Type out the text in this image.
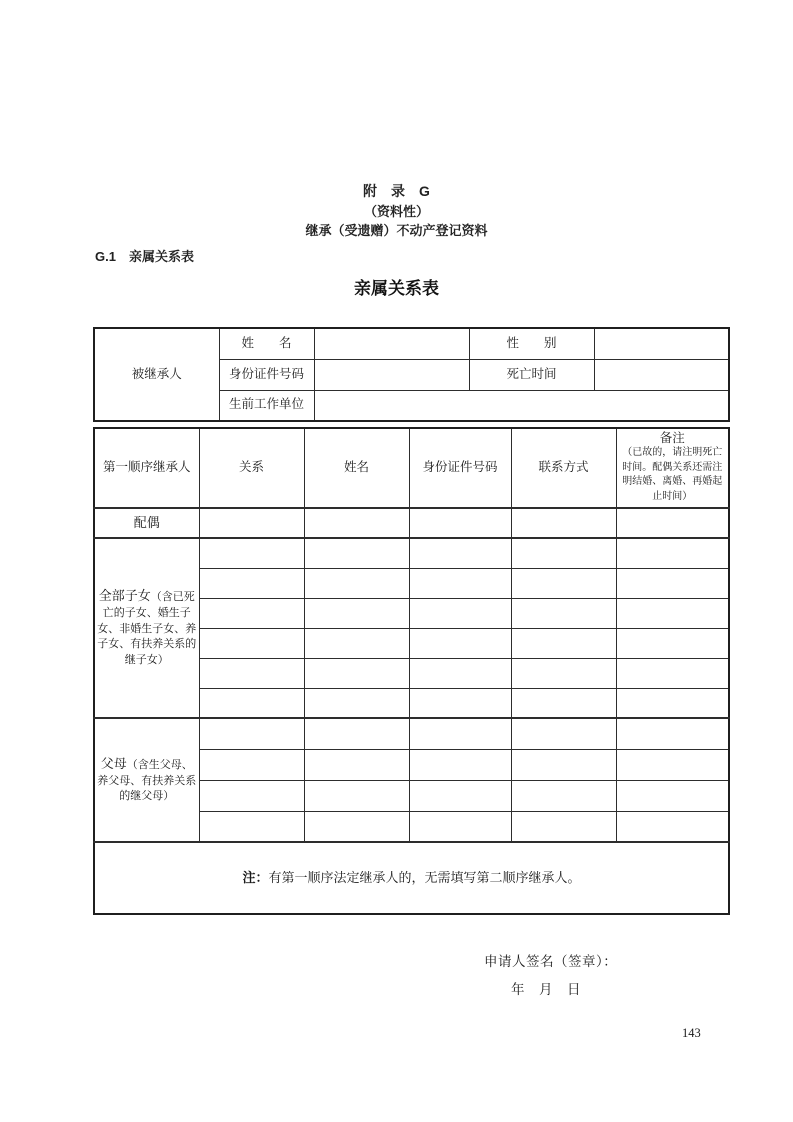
附　录　G
（资料性）
继承（受遗赠）不动产登记资料
G.1　亲属关系表
亲属关系表
被继承人	姓　　名		性　　别	
	身份证件号码		死亡时间	
	生前工作单位			
第一顺序继承人	关系	姓名	身份证件号码	联系方式	备注
（已故的，请注明死亡时间。配偶关系还需注明结婚、离婚、再婚起止时间）

配偶					

全部子女（含已死亡的子女、婚生子女、非婚生子女、养子女、有扶养关系的继子女）					

父母（含生父母、养父母、有扶养关系的继父母）					

注：有第一顺序法定继承人的，无需填写第二顺序继承人。					
申请人签名（签章）：
年　月　日
143
